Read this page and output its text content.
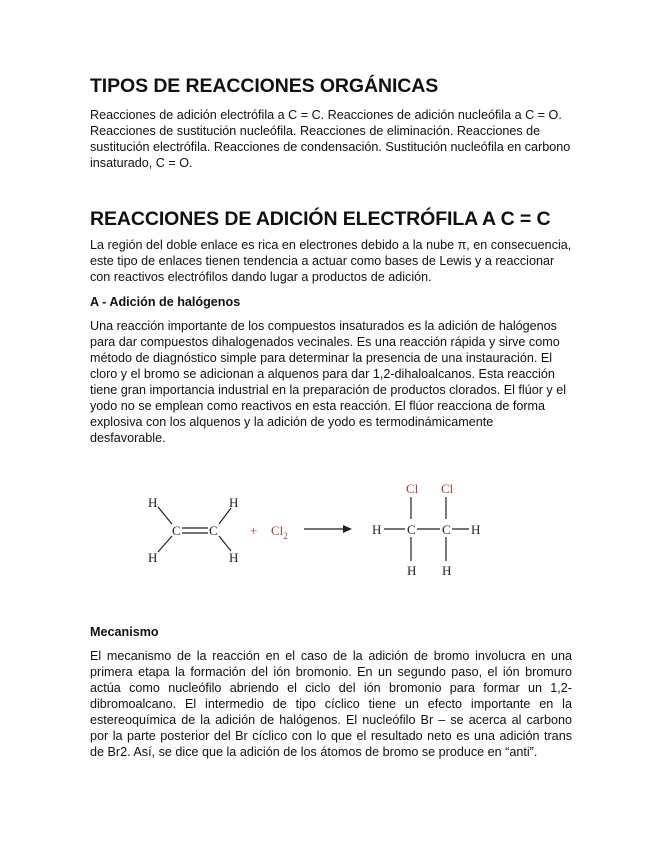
TIPOS DE REACCIONES ORGÁNICAS

Reacciones de adición electrófila a C = C. Reacciones de adición nucleófila a C = O. Reacciones de sustitución nucleófila. Reacciones de eliminación. Reacciones de sustitución electrófila. Reacciones de condensación. Sustitución nucleófila en carbono insaturado, C = O.

REACCIONES DE ADICIÓN ELECTRÓFILA A C = C

La región del doble enlace es rica en electrones debido a la nube π, en consecuencia, este tipo de enlaces tienen tendencia a actuar como bases de Lewis y a reaccionar con reactivos electrófilos dando lugar a productos de adición.

A - Adición de halógenos

Una reacción importante de los compuestos insaturados es la adición de halógenos para dar compuestos dihalogenados vecinales. Es una reacción rápida y sirve como método de diagnóstico simple para determinar la presencia de una instauración. El cloro y el bromo se adicionan a alquenos para dar 1,2-dihaloalcanos. Esta reacción tiene gran importancia industrial en la preparación de productos clorados. El flúor y el yodo no se emplean como reactivos en esta reacción. El flúor reacciona de forma explosiva con los alquenos y la adición de yodo es termodinámicamente desfavorable.

H
H
H
H
C $C + Cl_2$
Cl Cl
H C C H
H H
Mecanismo

El mecanismo de la reacción en el caso de la adición de bromo involucra en una primera etapa la formación del ión bromonio. En un segundo paso, el ión bromuro actúa como nucleófilo abriendo el ciclo del ión bromonio para formar un 1,2-dibromoalcano. El intermedio de tipo cíclico tiene un efecto importante en la estereoquímica de la adición de halógenos. El nucleófilo Br – se acerca al carbono por la parte posterior del Br cíclico con lo que el resultado neto es una adición trans de Br2. Así, se dice que la adición de los átomos de bromo se produce en “anti”.
